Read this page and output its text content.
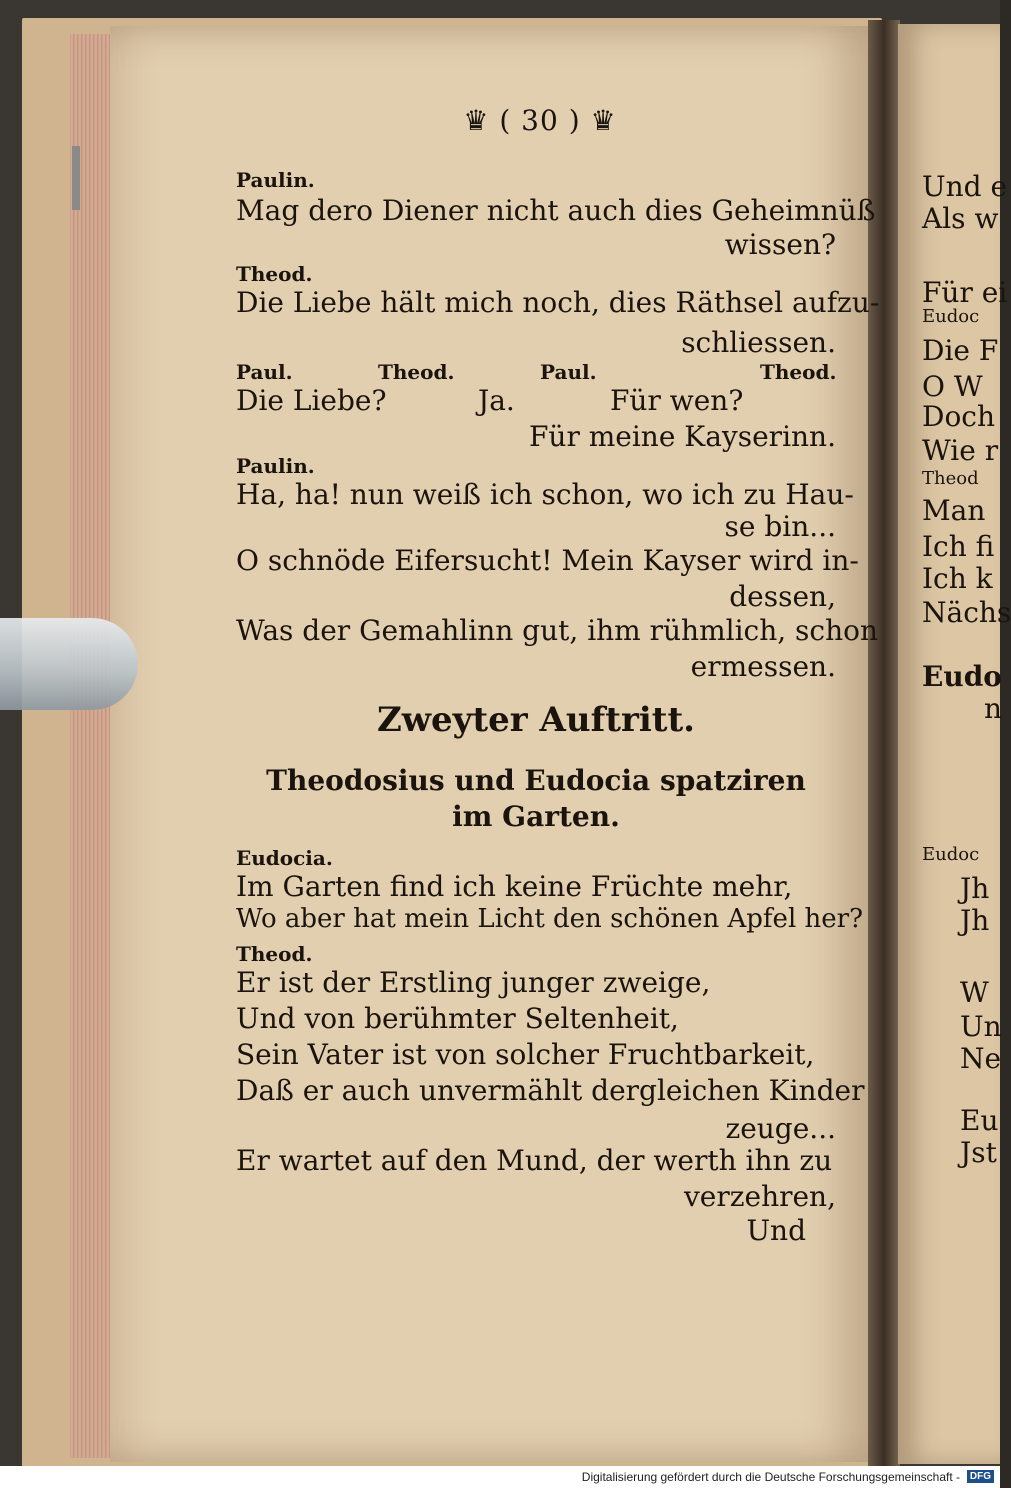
♛ ( 30 ) ♛
Paulin.
Mag dero Diener nicht auch dies Geheimnüß
wissen?
Theod.
Die Liebe hält mich noch, dies Räthsel aufzu-
schliessen.
Paul.	Theod.	Paul.	Theod.
Die Liebe?	Ja.	Für wen?
Für meine Kayserinn.
Paulin.
Ha, ha! nun weiß ich schon, wo ich zu Hau-
se bin...
O schnöde Eifersucht! Mein Kayser wird in-
dessen,
Was der Gemahlinn gut, ihm rühmlich, schon
ermessen.
Zweyter Auftritt.
Theodosius und Eudocia spatziren
im Garten.
Eudocia.
Im Garten find ich keine Früchte mehr,
Wo aber hat mein Licht den schönen Apfel her?
Theod.
Er ist der Erstling junger zweige,
Und von berühmter Seltenheit,
Sein Vater ist von solcher Fruchtbarkeit,
Daß er auch unvermählt dergleichen Kinder
zeuge...
Er wartet auf den Mund, der werth ihn zu
verzehren,
Und
Und e
Als w
Für ei
Eudoc
Die F
O W
Doch
Wie r
Theod
Man
Ich fi
Ich k
Nächs
Eudo
n
Eudoc
Jh
Jh
W
Un
Ne
Eu
Jst
Digitalisierung gefördert durch die Deutsche Forschungsgemeinschaft - DFG
